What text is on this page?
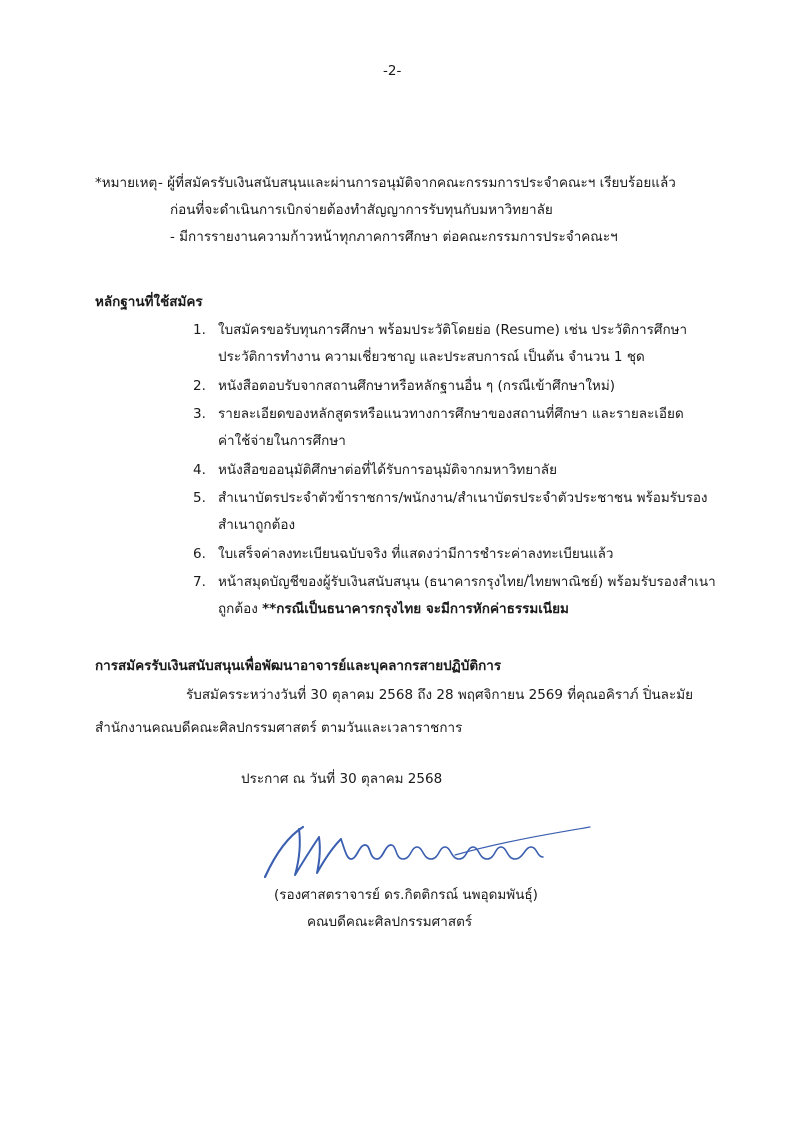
-2-
*หมายเหตุ - ผู้ที่สมัครรับเงินสนับสนุนและผ่านการอนุมัติจากคณะกรรมการประจำคณะฯ เรียบร้อยแล้ว
ก่อนที่จะดำเนินการเบิกจ่ายต้องทำสัญญาการรับทุนกับมหาวิทยาลัย
- มีการรายงานความก้าวหน้าทุกภาคการศึกษา ต่อคณะกรรมการประจำคณะฯ
หลักฐานที่ใช้สมัคร
1. ใบสมัครขอรับทุนการศึกษา พร้อมประวัติโดยย่อ (Resume) เช่น ประวัติการศึกษา
ประวัติการทำงาน ความเชี่ยวชาญ และประสบการณ์ เป็นต้น จำนวน 1 ชุด
2. หนังสือตอบรับจากสถานศึกษาหรือหลักฐานอื่น ๆ (กรณีเข้าศึกษาใหม่)
3. รายละเอียดของหลักสูตรหรือแนวทางการศึกษาของสถานที่ศึกษา และรายละเอียด
ค่าใช้จ่ายในการศึกษา
4. หนังสือขออนุมัติศึกษาต่อที่ได้รับการอนุมัติจากมหาวิทยาลัย
5. สำเนาบัตรประจำตัวข้าราชการ/พนักงาน/สำเนาบัตรประจำตัวประชาชน พร้อมรับรอง
สำเนาถูกต้อง
6. ใบเสร็จค่าลงทะเบียนฉบับจริง ที่แสดงว่ามีการชำระค่าลงทะเบียนแล้ว
7. หน้าสมุดบัญชีของผู้รับเงินสนับสนุน (ธนาคารกรุงไทย/ไทยพาณิชย์) พร้อมรับรองสำเนา
ถูกต้อง **กรณีเป็นธนาคารกรุงไทย จะมีการหักค่าธรรมเนียม
การสมัครรับเงินสนับสนุนเพื่อพัฒนาอาจารย์และบุคลากรสายปฏิบัติการ
รับสมัครระหว่างวันที่ 30 ตุลาคม 2568 ถึง 28 พฤศจิกายน 2569 ที่คุณอคิราภ์ ปิ่นละมัย
สำนักงานคณบดีคณะศิลปกรรมศาสตร์ ตามวันและเวลาราชการ
ประกาศ ณ วันที่ 30 ตุลาคม 2568
(รองศาสตราจารย์ ดร.กิตติกรณ์ นพอุดมพันธุ์)
คณบดีคณะศิลปกรรมศาสตร์
